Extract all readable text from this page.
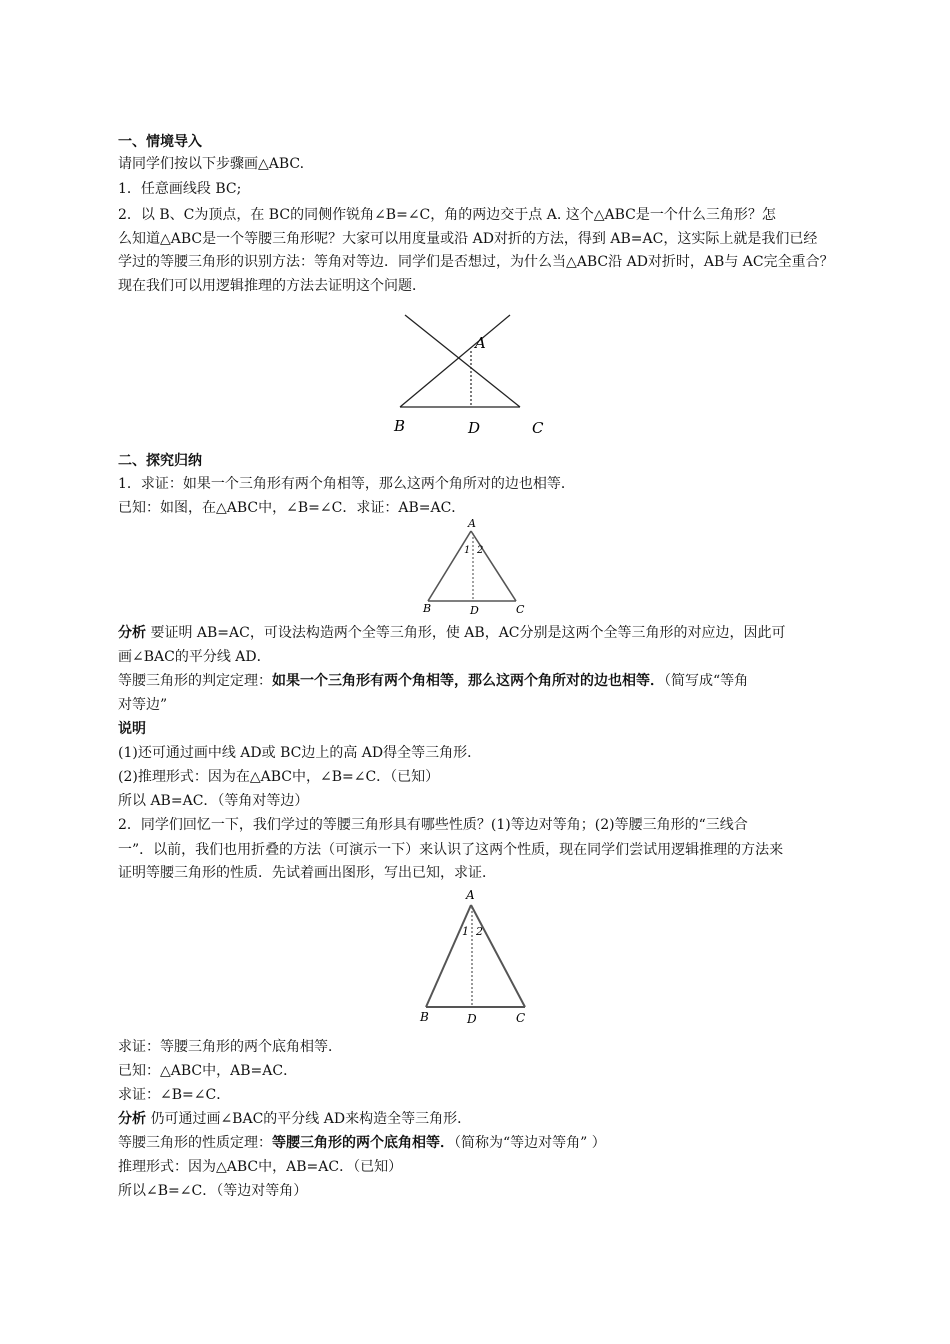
一、情境导入
请同学们按以下步骤画△ABC.
1．任意画线段 BC;
2．以 B、C为顶点，在 BC的同侧作锐角∠B=∠C，角的两边交于点 A. 这个△ABC是一个什么三角形？怎
么知道△ABC是一个等腰三角形呢？大家可以用度量或沿 AD对折的方法，得到 AB=AC，这实际上就是我们已经
学过的等腰三角形的识别方法：等角对等边．同学们是否想过，为什么当△ABC沿 AD对折时，AB与 AC完全重合？
现在我们可以用逻辑推理的方法去证明这个问题．
A
B	D	C
二、探究归纳
1．求证：如果一个三角形有两个角相等，那么这两个角所对的边也相等．
已知：如图，在△ABC中，∠B=∠C．求证：AB=AC．
A
1 2
B	D	C
分析 要证明 AB=AC，可设法构造两个全等三角形，使 AB，AC分别是这两个全等三角形的对应边，因此可
画∠BAC的平分线 AD．
等腰三角形的判定定理：如果一个三角形有两个角相等，那么这两个角所对的边也相等．（简写成“等角
对等边”
说明
(1)还可通过画中线 AD或 BC边上的高 AD得全等三角形．
(2)推理形式：因为在△ABC中，∠B=∠C．（已知）
所以 AB=AC．（等角对等边）
2．同学们回忆一下，我们学过的等腰三角形具有哪些性质？(1)等边对等角；(2)等腰三角形的“三线合
一”．以前，我们也用折叠的方法（可演示一下）来认识了这两个性质，现在同学们尝试用逻辑推理的方法来
证明等腰三角形的性质．先试着画出图形，写出已知，求证．
A
1 2
B	D	C
求证：等腰三角形的两个底角相等．
已知：△ABC中，AB=AC．
求证：∠B=∠C．
分析 仍可通过画∠BAC的平分线 AD来构造全等三角形．
等腰三角形的性质定理：等腰三角形的两个底角相等．（简称为“等边对等角” ）
推理形式：因为△ABC中，AB=AC．（已知）
所以∠B=∠C．（等边对等角）
